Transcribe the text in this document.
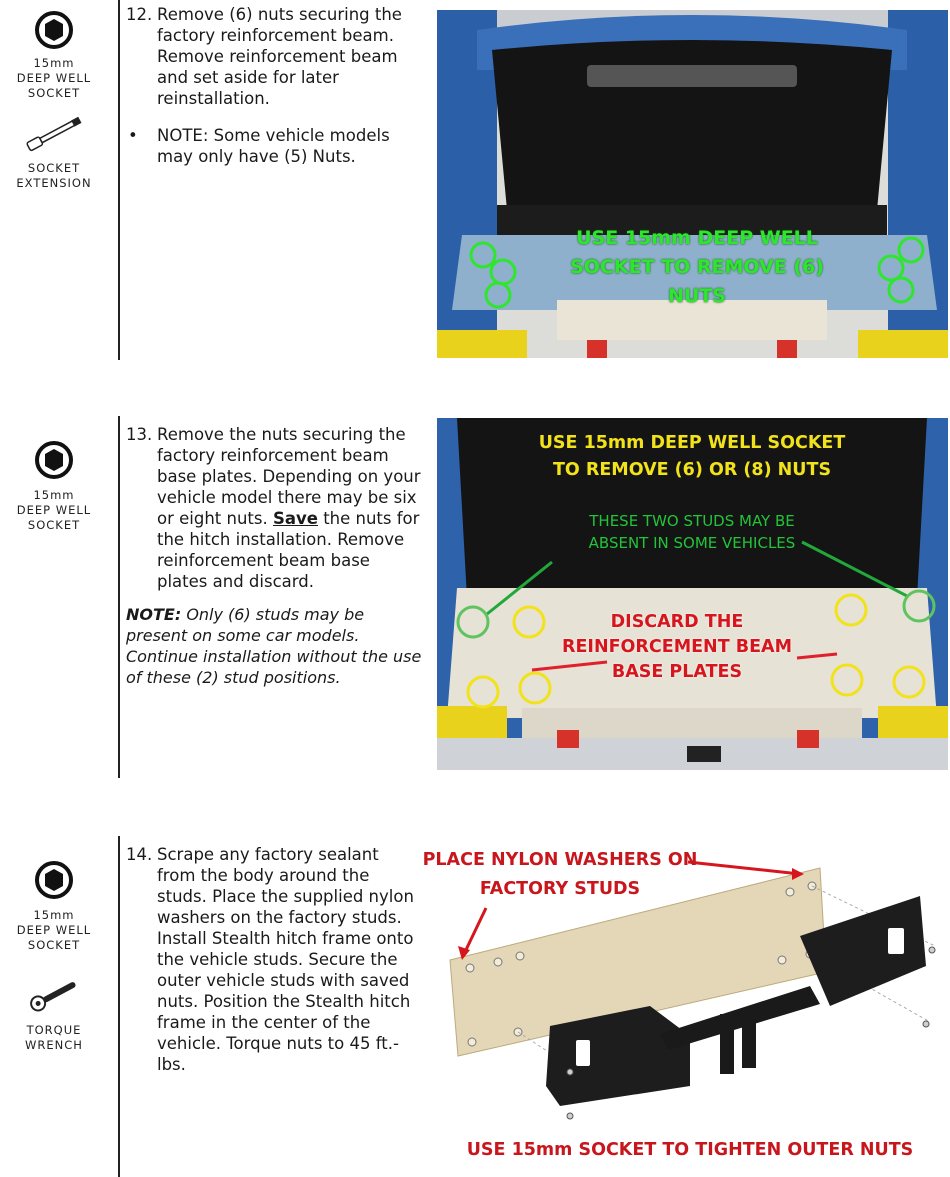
15mm
DEEP WELL
SOCKET
SOCKET
EXTENSION
12. Remove (6) nuts securing the factory reinforcement beam. Remove reinforcement beam and set aside for later reinstallation.
•	NOTE: Some vehicle models may only have (5) Nuts.
USE 15mm DEEP WELL
SOCKET TO REMOVE (6)
NUTS
15mm
DEEP WELL
SOCKET
13. Remove the nuts securing the factory reinforcement beam base plates. Depending on your vehicle model there may be six or eight nuts. Save the nuts for the hitch installation. Remove reinforcement beam base plates and discard.
NOTE: Only (6) studs may be present on some car models. Continue installation without the use of these (2) stud positions.
USE 15mm DEEP WELL SOCKET
TO REMOVE (6) OR (8) NUTS
THESE TWO STUDS MAY BE
ABSENT IN SOME VEHICLES
DISCARD THE
REINFORCEMENT BEAM
BASE PLATES
15mm
DEEP WELL
SOCKET
TORQUE
WRENCH
14. Scrape any factory sealant from the body around the studs. Place the supplied nylon washers on the factory studs. Install Stealth hitch frame onto the vehicle studs. Secure the outer vehicle studs with saved nuts. Position the Stealth hitch frame in the center of the vehicle. Torque nuts to 45 ft.-lbs.
PLACE NYLON WASHERS ON
FACTORY STUDS
USE 15mm SOCKET TO TIGHTEN OUTER NUTS
